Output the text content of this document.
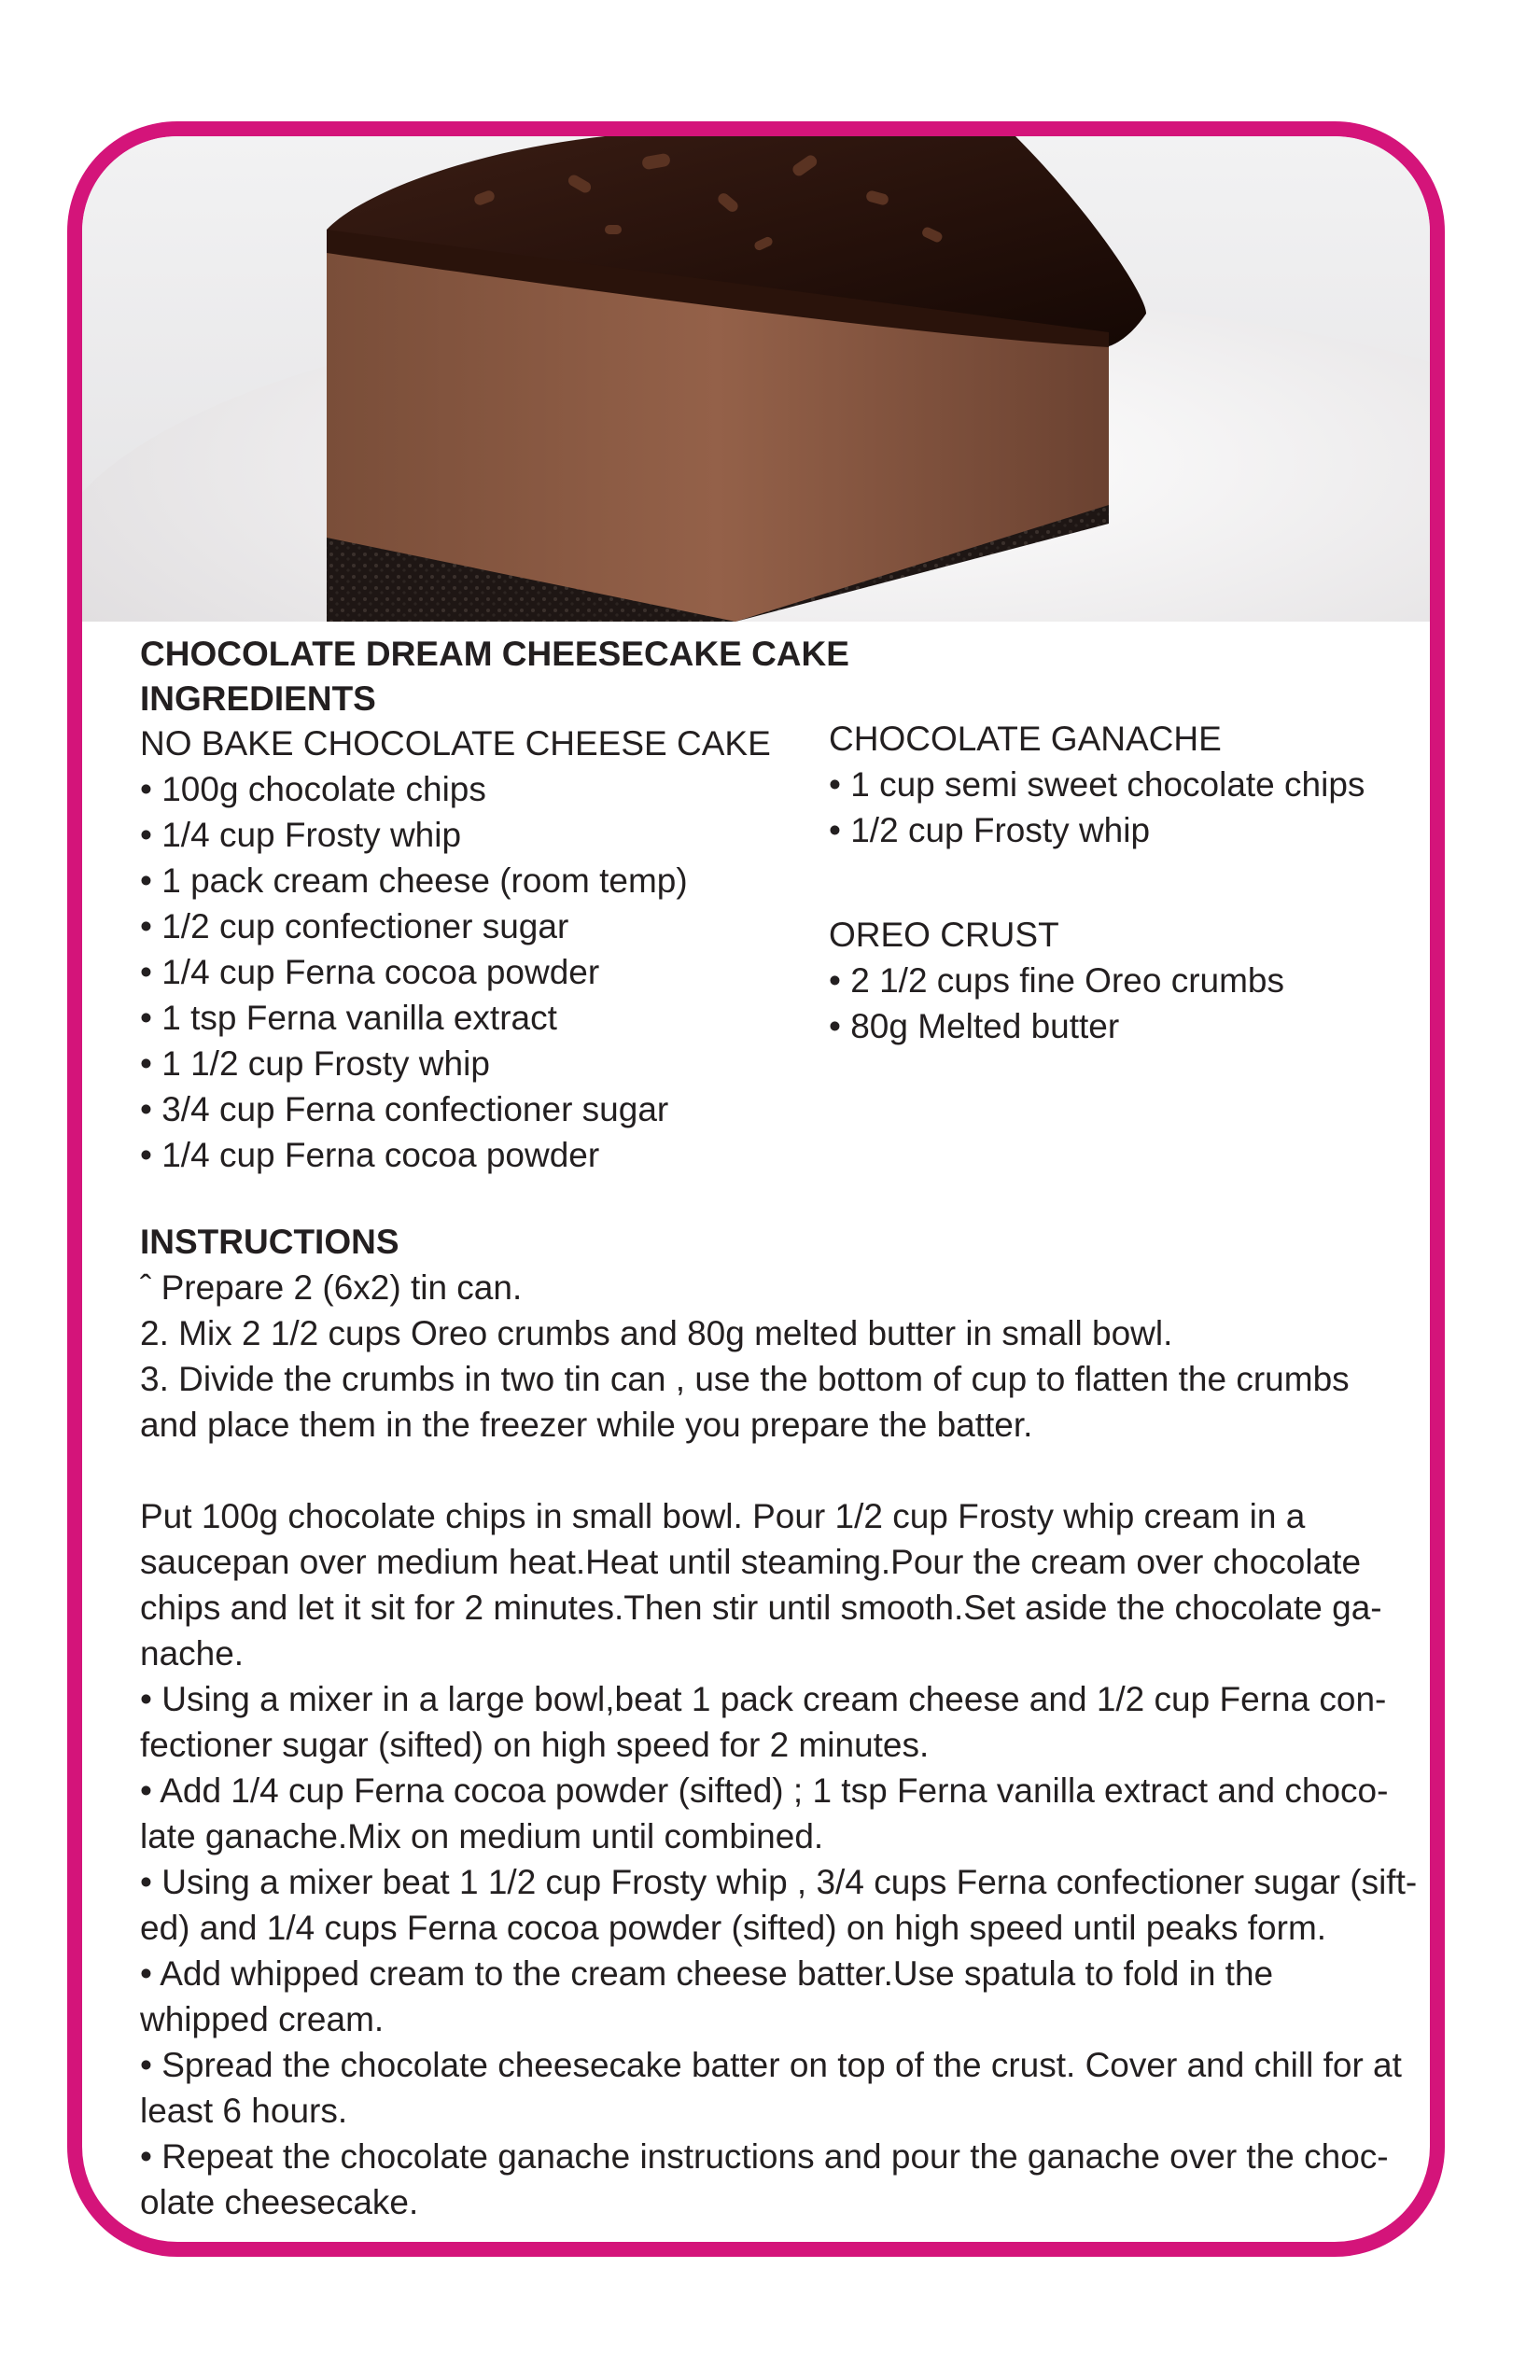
CHOCOLATE DREAM CHEESECAKE CAKE
INGREDIENTS
NO BAKE CHOCOLATE CHEESE CAKE
• 100g chocolate chips
• 1/4 cup Frosty whip
• 1 pack cream cheese (room temp)
• 1/2 cup confectioner sugar
• 1/4 cup Ferna cocoa powder
• 1 tsp Ferna vanilla extract
• 1 1/2 cup Frosty whip
• 3/4 cup Ferna confectioner sugar
• 1/4 cup Ferna cocoa powder
CHOCOLATE GANACHE
• 1 cup semi sweet chocolate chips
• 1/2 cup Frosty whip
OREO CRUST
• 2 1/2 cups fine Oreo crumbs
• 80g Melted butter
INSTRUCTIONS
ˆ Prepare 2 (6x2) tin can.
2. Mix 2 1/2 cups Oreo crumbs and 80g melted butter in small bowl.
3. Divide the crumbs in two tin can , use the bottom of cup to flatten the crumbs
and place them in the freezer while you prepare the batter.
Put 100g chocolate chips in small bowl. Pour 1/2 cup Frosty whip cream in a
saucepan over medium heat.Heat until steaming.Pour the cream over chocolate
chips and let it sit for 2 minutes.Then stir until smooth.Set aside the chocolate ga-
nache.
• Using a mixer in a large bowl,beat 1 pack cream cheese and 1/2 cup Ferna con-
fectioner sugar (sifted) on high speed for 2 minutes.
• Add 1/4 cup Ferna cocoa powder (sifted) ; 1 tsp Ferna vanilla extract and choco-
late ganache.Mix on medium until combined.
• Using a mixer beat 1 1/2 cup Frosty whip , 3/4 cups Ferna confectioner sugar (sift-
ed) and 1/4 cups Ferna cocoa powder (sifted) on high speed until peaks form.
• Add whipped cream to the cream cheese batter.Use spatula to fold in the
whipped cream.
• Spread the chocolate cheesecake batter on top of the crust. Cover and chill for at
least 6 hours.
• Repeat the chocolate ganache instructions and pour the ganache over the choc-
olate cheesecake.
